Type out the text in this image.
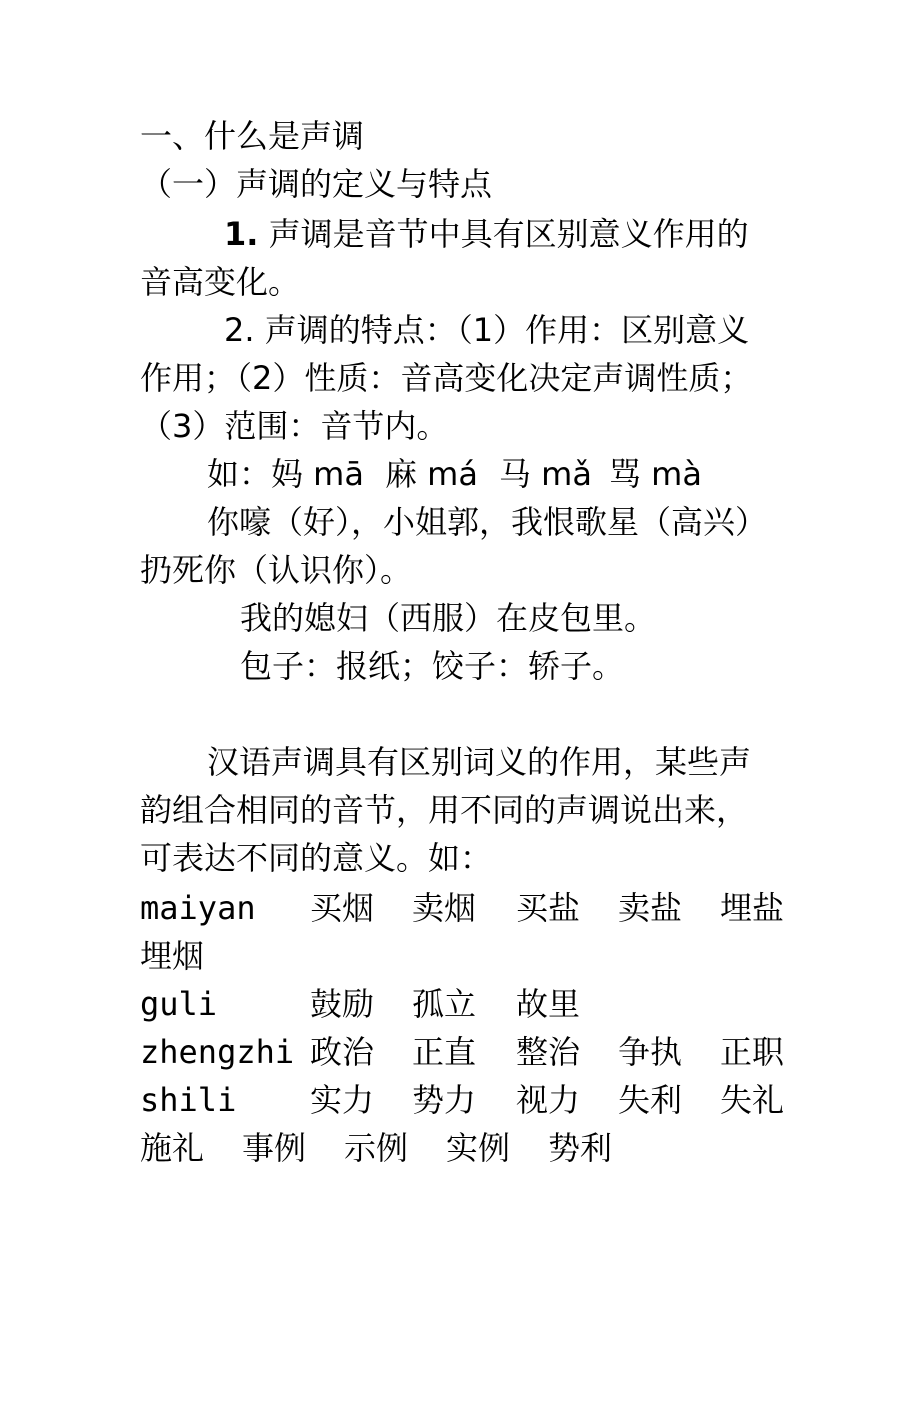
一、什么是声调
（一）声调的定义与特点
1. 声调是音节中具有区别意义作用的
音高变化。
2. 声调的特点：（1）作用：区别意义
作用；（2）性质：音高变化决定声调性质；
（3）范围：音节内。

如：

妈 mā

麻 má

马 mǎ

骂 mà

你嚎（好），小姐郭，我恨歌星（高兴）
扔死你（认识你）。
我的媳妇（西服）在皮包里。
包子：报纸；饺子：轿子。
汉语声调具有区别词义的作用，某些声
韵组合相同的音节，用不同的声调说出来，
可表达不同的意义。如：

maiyan

买烟

卖烟

买盐

卖盐

埋盐

埋烟

guli

	鼓励

孤立

故里

zhengzhi

政治

正直

整治

争执

正职

shili

实力

势力

视力

失利

失礼

施礼

事例

示例

实例

势利
